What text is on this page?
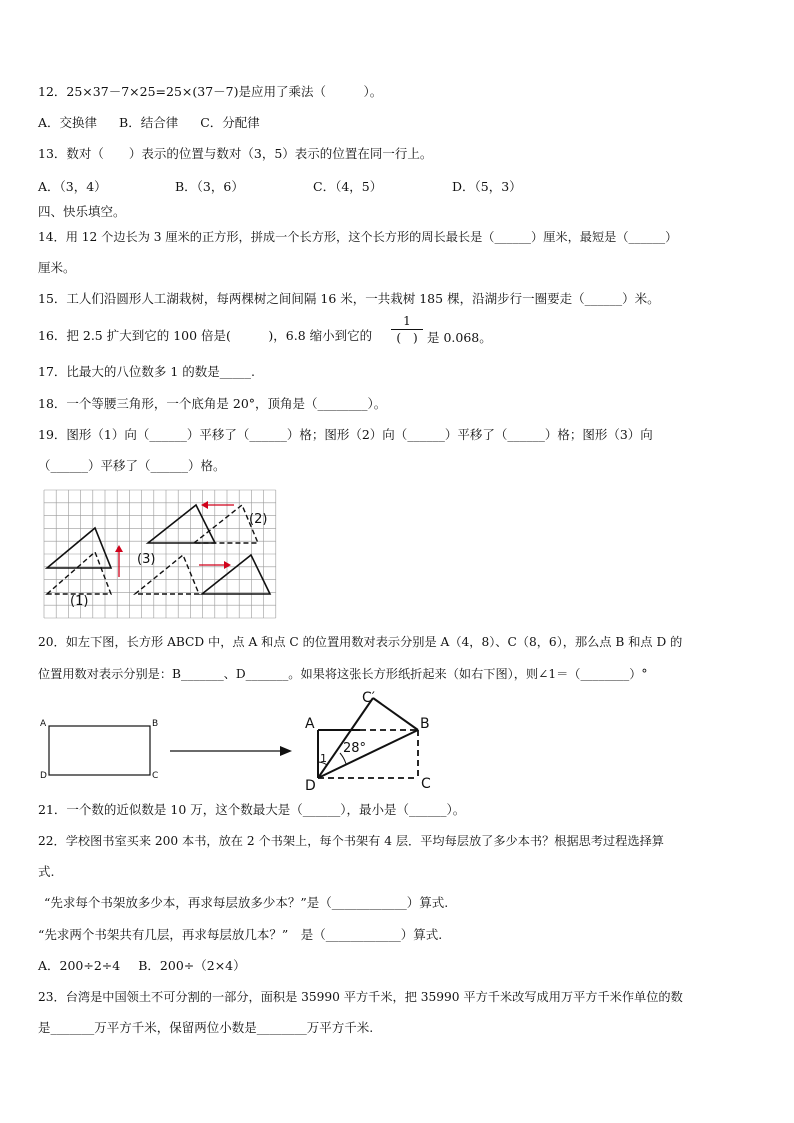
12．25×37－7×25=25×(37－7)是应用了乘法（　　　）。
A．交换律 B．结合律 C．分配律
13．数对（　　）表示的位置与数对（3，5）表示的位置在同一行上。
A．（3，4）	B．（3，6）	C．（4，5）	D．（5，3）
四、快乐填空。
14．用 12 个边长为 3 厘米的正方形，拼成一个长方形，这个长方形的周长最长是（______）厘米，最短是（______）
厘米。
15．工人们沿圆形人工湖栽树，每两棵树之间间隔 16 米，一共栽树 185 棵，沿湖步行一圈要走（______）米。
16．把 2.5 扩大到它的 100 倍是(　　　)，6.8 缩小到它的
1
(　) 是 0.068。
17．比最大的八位数多 1 的数是_____.
18．一个等腰三角形，一个底角是 20°，顶角是（________）。
19．图形（1）向（______）平移了（______）格；图形（2）向（______）平移了（______）格；图形（3）向
（______）平移了（______）格。
(1)
(2)
(3)
20．如左下图，长方形 ABCD 中，点 A 和点 C 的位置用数对表示分别是 A（4，8）、C（8，6），那么点 B 和点 D 的
位置用数对表示分别是：B_______、D_______。如果将这张长方形纸折起来（如右下图），则∠1＝（________）°
A	B
C
D
A	B
C
D
C′
1
28°
21．一个数的近似数是 10 万，这个数最大是（______），最小是（______）。
22．学校图书室买来 200 本书，放在 2 个书架上，每个书架有 4 层．平均每层放了多少本书？根据思考过程选择算
式.
“先求每个书架放多少本，再求每层放多少本？”是（____________）算式.
“先求两个书架共有几层，再求每层放几本？”　是（____________）算式.
A．200÷2÷4 B．200÷（2×4）
23．台湾是中国领土不可分割的一部分，面积是 35990 平方千米，把 35990 平方千米改写成用万平方千米作单位的数
是_______万平方千米，保留两位小数是________万平方千米.
